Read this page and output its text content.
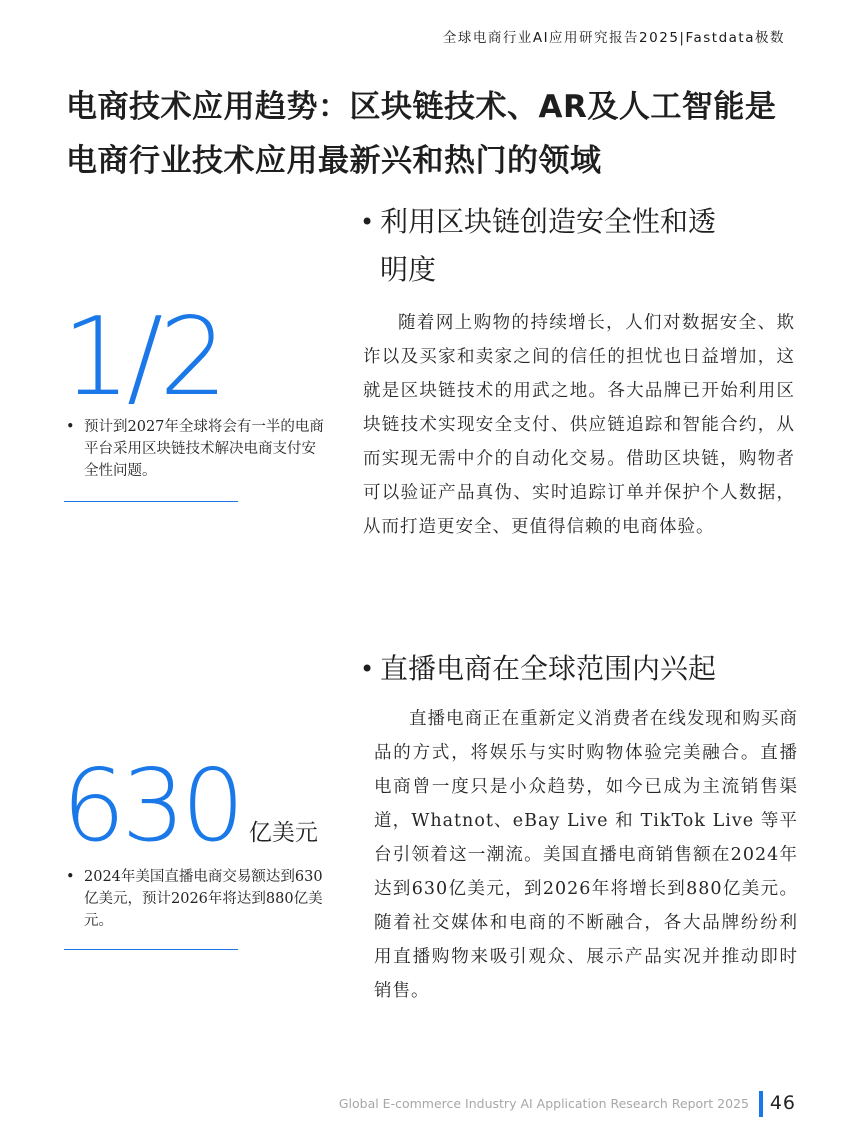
全球电商行业AI应用研究报告2025|Fastdata极数
电商技术应用趋势：区块链技术、AR及人工智能是
电商行业技术应用最新兴和热门的领域
• 利用区块链创造安全性和透
明度

随着网上购物的持续增长，人们对数据安全、欺诈以及买家和卖家之间的信任的担忧也日益增加，这就是区块链技术的用武之地。各大品牌已开始利用区块链技术实现安全支付、供应链追踪和智能合约，从而实现无需中介的自动化交易。借助区块链，购物者可以验证产品真伪、实时追踪订单并保护个人数据，从而打造更安全、更值得信赖的电商体验。

1/2
• 预计到2027年全球将会有一半的电商平台采用区块链技术解决电商支付安全性问题。
• 直播电商在全球范围内兴起

直播电商正在重新定义消费者在线发现和购买商品的方式，将娱乐与实时购物体验完美融合。直播电商曾一度只是小众趋势，如今已成为主流销售渠道，Whatnot、eBay Live 和 TikTok Live 等平台引领着这一潮流。美国直播电商销售额在2024年达到630亿美元，到2026年将增长到880亿美元。随着社交媒体和电商的不断融合，各大品牌纷纷利用直播购物来吸引观众、展示产品实况并推动即时销售。

630 亿美元
• 2024年美国直播电商交易额达到630亿美元，预计2026年将达到880亿美元。
Global E-commerce Industry AI Application Research Report 2025 46
